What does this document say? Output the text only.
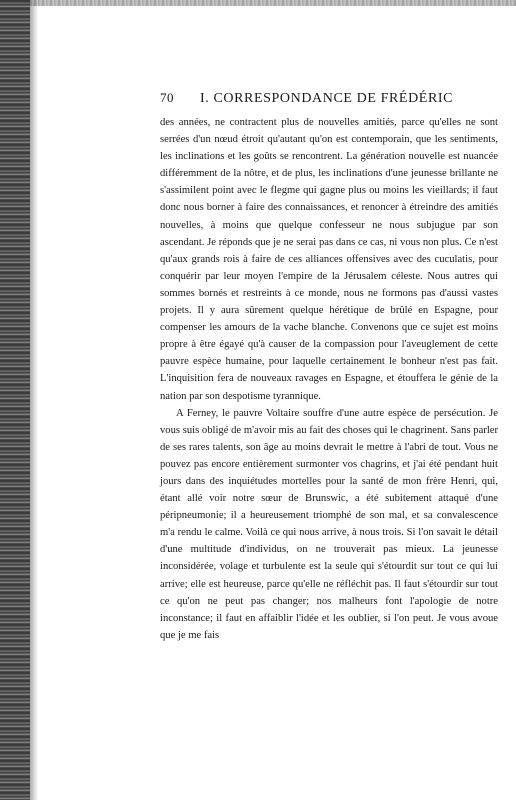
70	I. CORRESPONDANCE DE FRÉDÉRIC

des années, ne contractent plus de nouvelles amitiés, parce qu'elles ne sont serrées d'un nœud étroit qu'autant qu'on est contemporain, que les sentiments, les inclinations et les goûts se rencontrent. La génération nouvelle est nuancée différemment de la nôtre, et de plus, les inclinations d'une jeunesse brillante ne s'assimilent point avec le flegme qui gagne plus ou moins les vieillards; il faut donc nous borner à faire des connaissances, et renoncer à étreindre des amitiés nouvelles, à moins que quelque confesseur ne nous subjugue par son ascendant. Je réponds que je ne serai pas dans ce cas, ni vous non plus. Ce n'est qu'aux grands rois à faire de ces alliances offensives avec des cuculatis, pour conquérir par leur moyen l'empire de la Jérusalem céleste. Nous autres qui sommes bornés et restreints à ce monde, nous ne formons pas d'aussi vastes projets. Il y aura sûrement quelque hérétique de brûlé en Espagne, pour compenser les amours de la vache blanche. Convenons que ce sujet est moins propre à être égayé qu'à causer de la compassion pour l'aveuglement de cette pauvre espèce humaine, pour laquelle certainement le bonheur n'est pas fait. L'inquisition fera de nouveaux ravages en Espagne, et étouffera le génie de la nation par son despotisme tyrannique.

A Ferney, le pauvre Voltaire souffre d'une autre espèce de persécution. Je vous suis obligé de m'avoir mis au fait des choses qui le chagrinent. Sans parler de ses rares talents, son âge au moins devrait le mettre à l'abri de tout. Vous ne pouvez pas encore entièrement surmonter vos chagrins, et j'ai été pendant huit jours dans des inquiétudes mortelles pour la santé de mon frère Henri, qui, étant allé voir notre sœur de Brunswic, a été subitement attaqué d'une péripneumonie; il a heureusement triomphé de son mal, et sa convalescence m'a rendu le calme. Voilà ce qui nous arrive, à nous trois. Si l'on savait le détail d'une multitude d'individus, on ne trouverait pas mieux. La jeunesse inconsidérée, volage et turbulente est la seule qui s'étourdit sur tout ce qui lui arrive; elle est heureuse, parce qu'elle ne réfléchit pas. Il faut s'étourdir sur tout ce qu'on ne peut pas changer; nos malheurs font l'apologie de notre inconstance; il faut en affaiblir l'idée et les oublier, si l'on peut. Je vous avoue que je me fais
